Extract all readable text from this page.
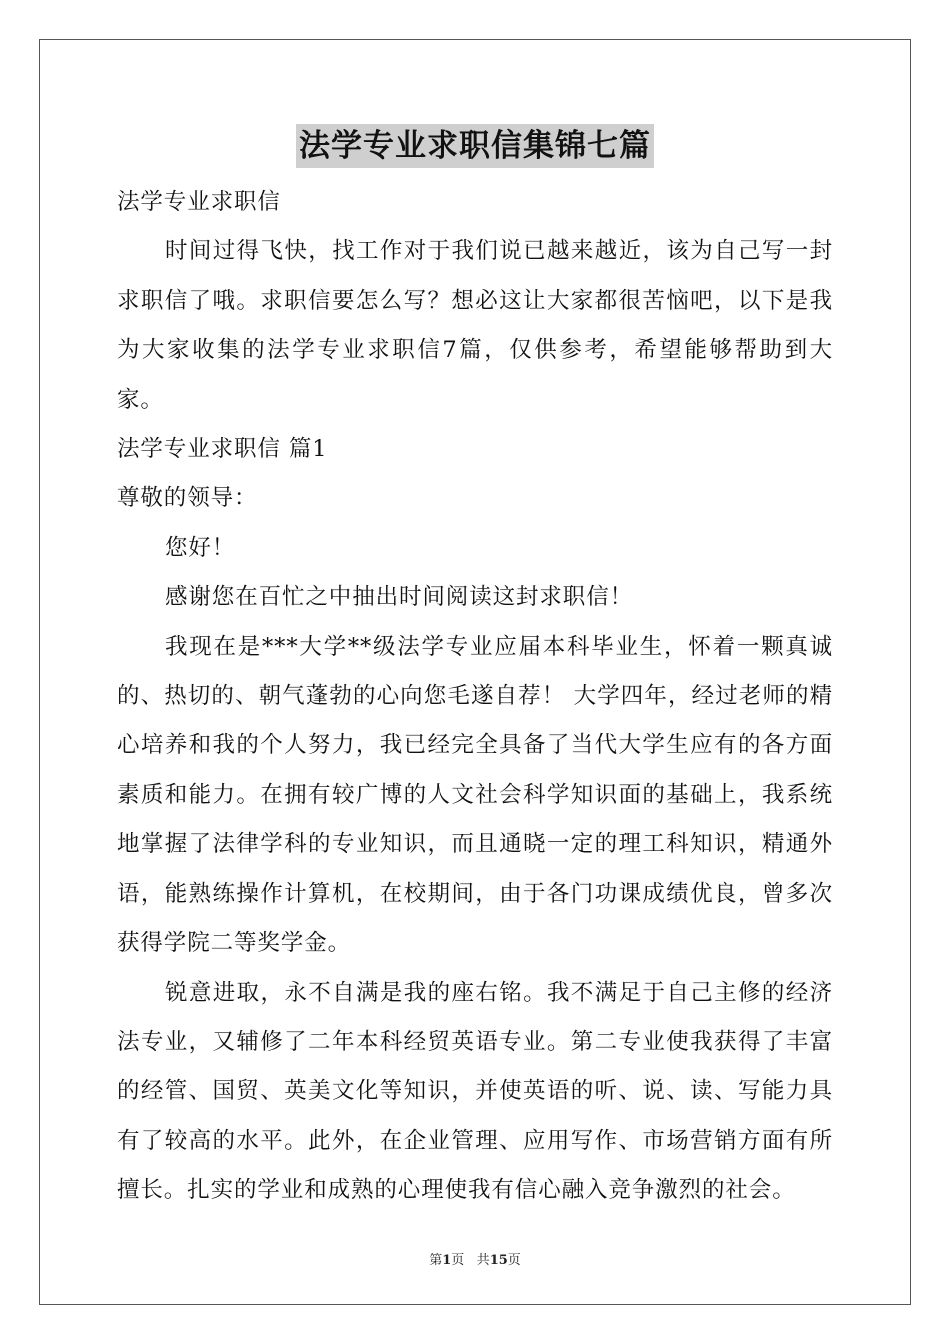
法学专业求职信集锦七篇

法学专业求职信

时间过得飞快，找工作对于我们说已越来越近，该为自己写一封求职信了哦。求职信要怎么写？想必这让大家都很苦恼吧，以下是我为大家收集的法学专业求职信7篇，仅供参考，希望能够帮助到大家。

法学专业求职信 篇1

尊敬的领导：

您好！

感谢您在百忙之中抽出时间阅读这封求职信！

我现在是***大学**级法学专业应届本科毕业生，怀着一颗真诚的、热切的、朝气蓬勃的心向您毛遂自荐！ 大学四年，经过老师的精心培养和我的个人努力，我已经完全具备了当代大学生应有的各方面素质和能力。在拥有较广博的人文社会科学知识面的基础上，我系统地掌握了法律学科的专业知识，而且通晓一定的理工科知识，精通外语，能熟练操作计算机，在校期间，由于各门功课成绩优良，曾多次获得学院二等奖学金。

锐意进取，永不自满是我的座右铭。我不满足于自己主修的经济法专业，又辅修了二年本科经贸英语专业。第二专业使我获得了丰富的经管、国贸、英美文化等知识，并使英语的听、说、读、写能力具有了较高的水平。此外，在企业管理、应用写作、市场营销方面有所擅长。扎实的学业和成熟的心理使我有信心融入竞争激烈的社会。

第1页 共15页
